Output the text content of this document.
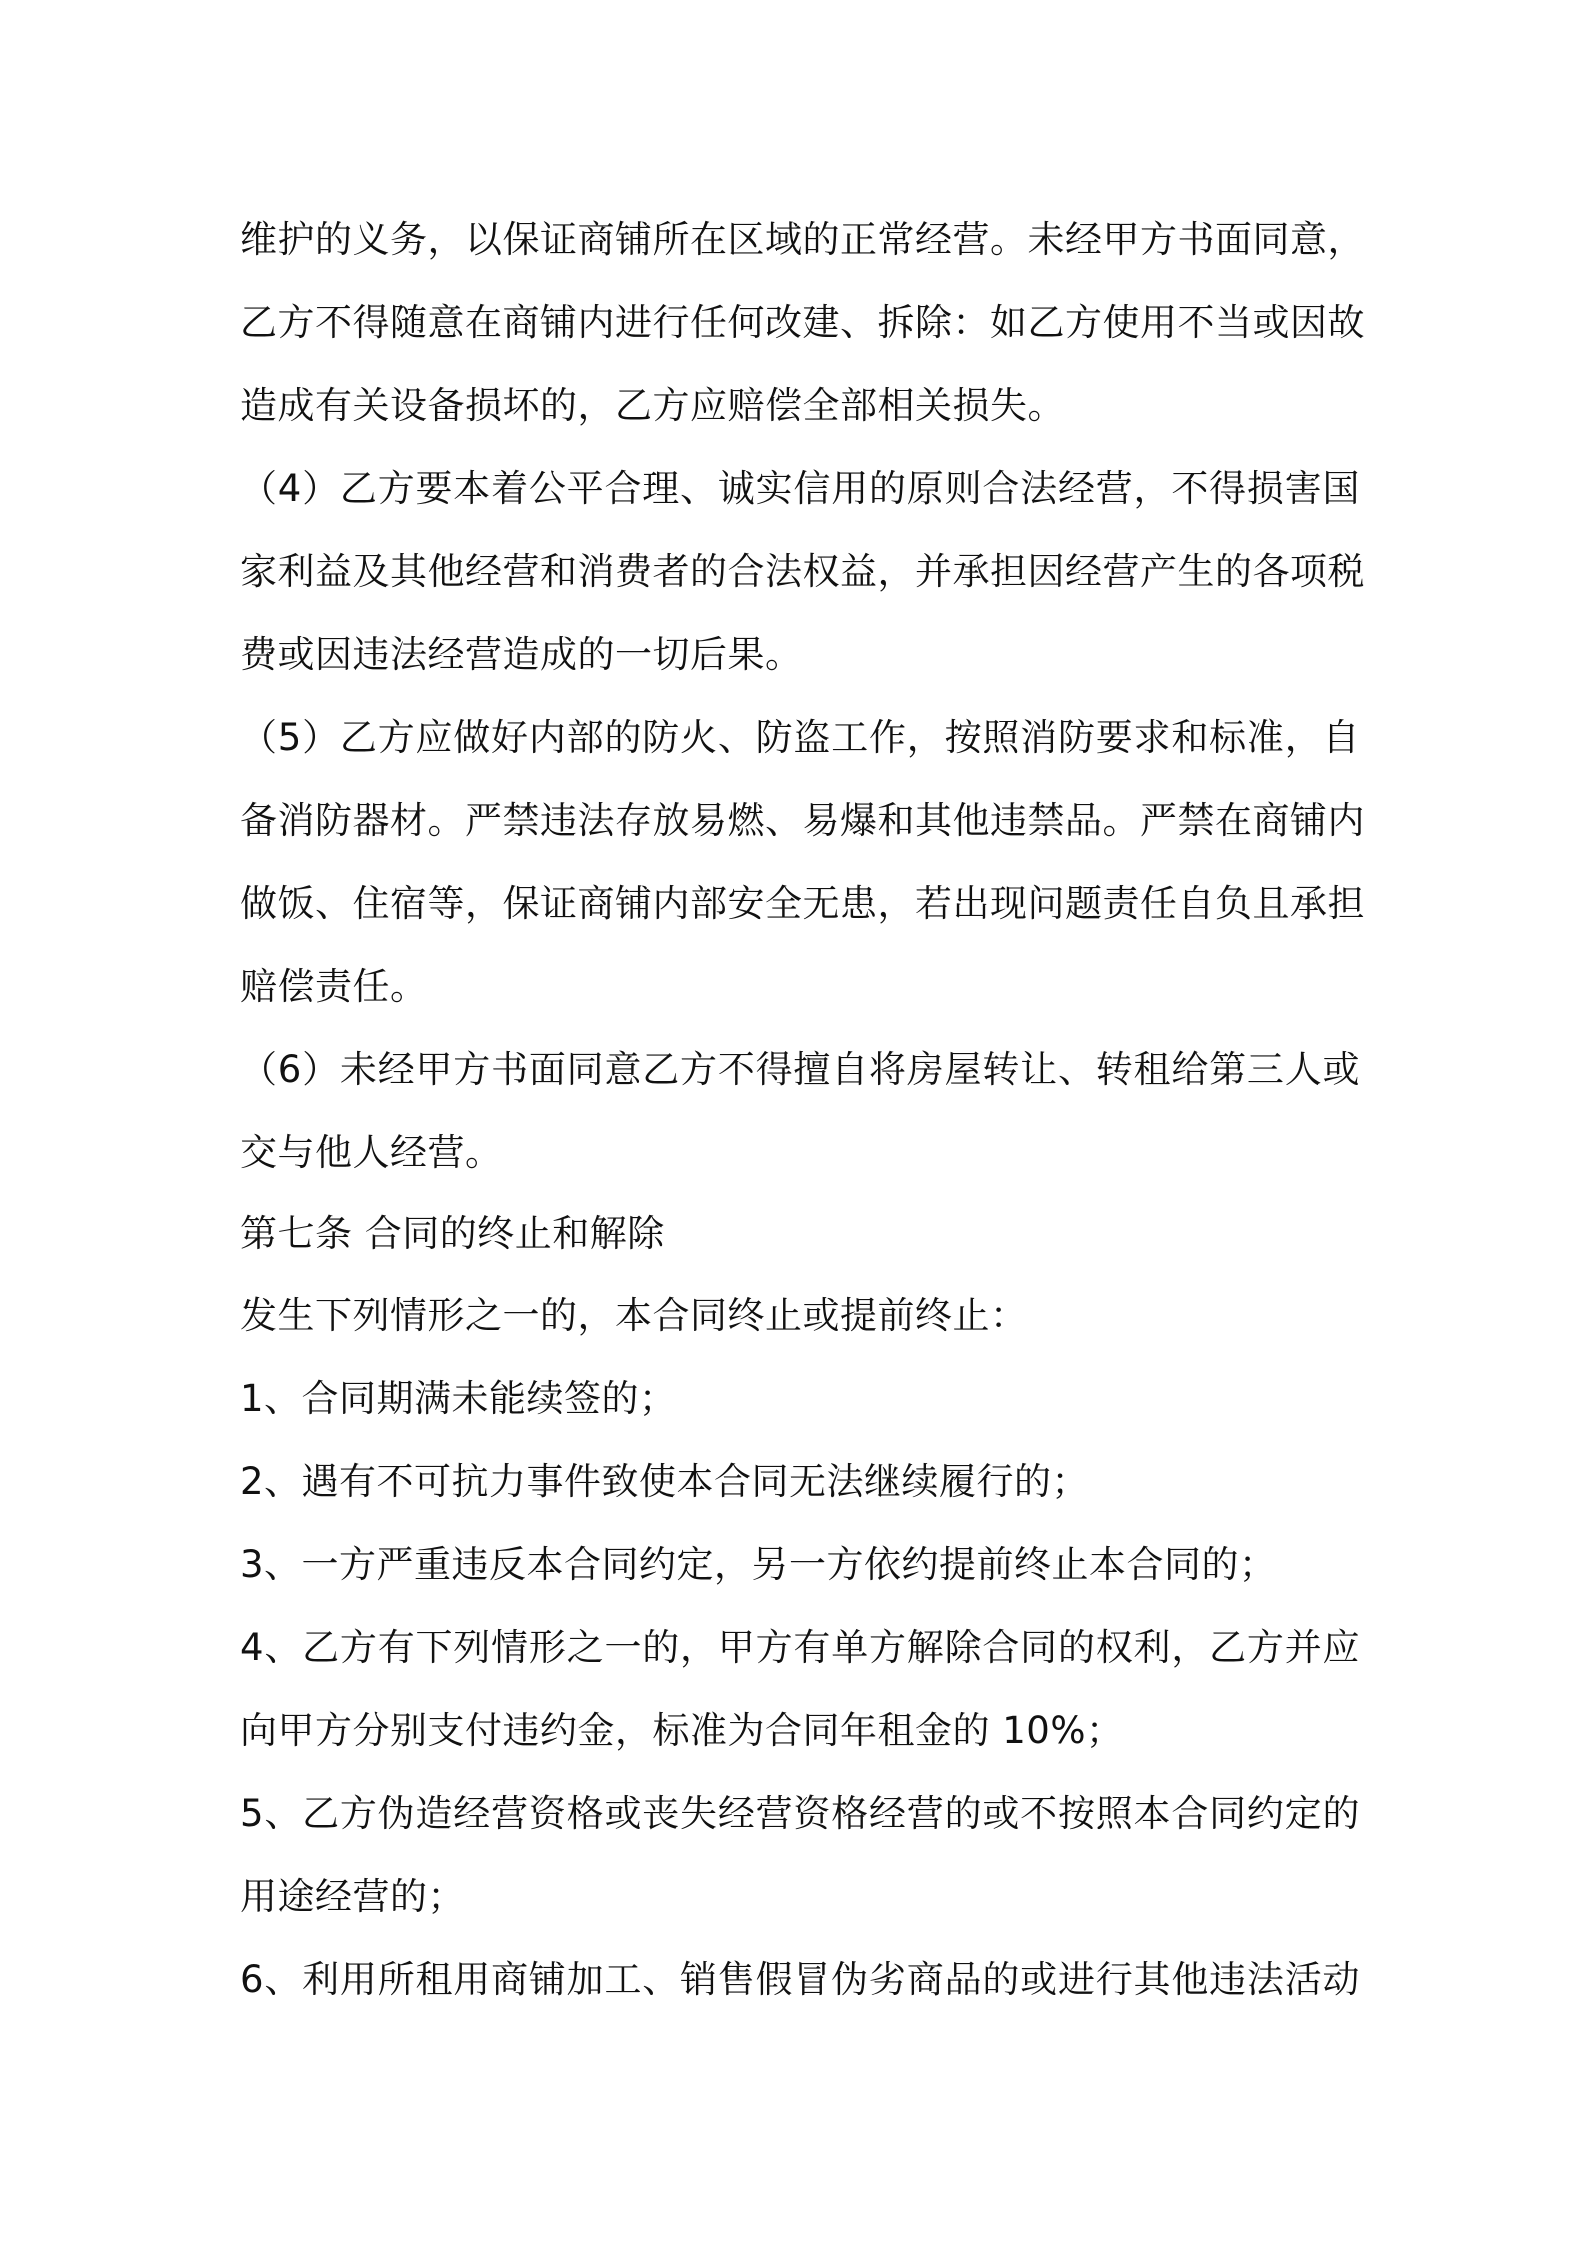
维护的义务，以保证商铺所在区域的正常经营。未经甲方书面同意，
乙方不得随意在商铺内进行任何改建、拆除：如乙方使用不当或因故
造成有关设备损坏的，乙方应赔偿全部相关损失。
（4）乙方要本着公平合理、诚实信用的原则合法经营，不得损害国
家利益及其他经营和消费者的合法权益，并承担因经营产生的各项税
费或因违法经营造成的一切后果。
（5）乙方应做好内部的防火、防盗工作，按照消防要求和标准，自
备消防器材。严禁违法存放易燃、易爆和其他违禁品。严禁在商铺内
做饭、住宿等，保证商铺内部安全无患，若出现问题责任自负且承担
赔偿责任。
（6）未经甲方书面同意乙方不得擅自将房屋转让、转租给第三人或
交与他人经营。
第七条 合同的终止和解除
发生下列情形之一的，本合同终止或提前终止：
1、合同期满未能续签的；
2、遇有不可抗力事件致使本合同无法继续履行的；
3、一方严重违反本合同约定，另一方依约提前终止本合同的；
4、乙方有下列情形之一的，甲方有单方解除合同的权利，乙方并应
向甲方分别支付违约金，标准为合同年租金的 10%；
5、乙方伪造经营资格或丧失经营资格经营的或不按照本合同约定的
用途经营的；
6、利用所租用商铺加工、销售假冒伪劣商品的或进行其他违法活动
